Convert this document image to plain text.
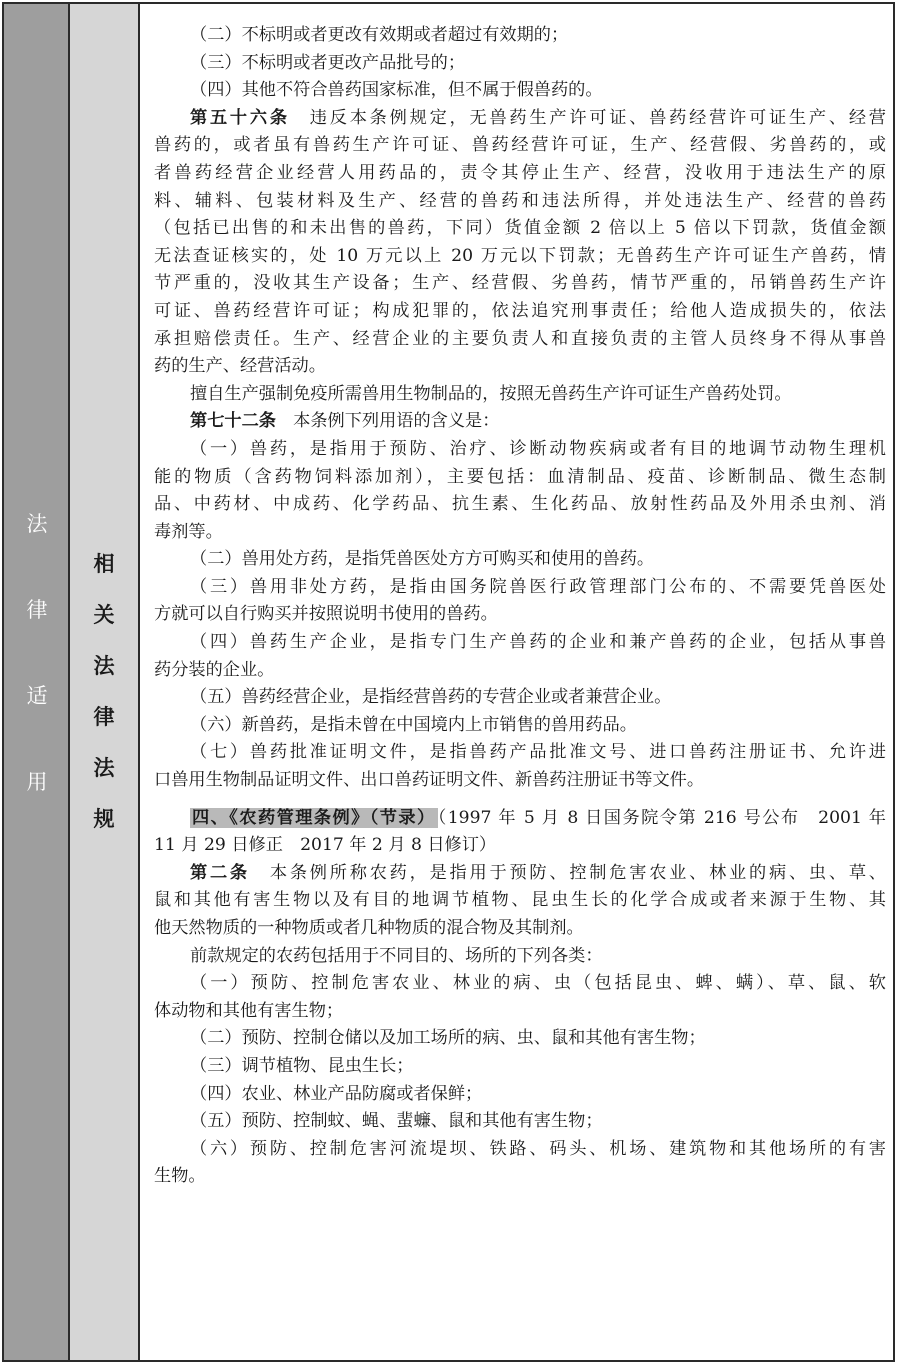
法
律
适
用
相
关
法
律
法
规
（二）不标明或者更改有效期或者超过有效期的；
（三）不标明或者更改产品批号的；
（四）其他不符合兽药国家标准，但不属于假兽药的。
第五十六条　违反本条例规定，无兽药生产许可证、兽药经营许可证生产、经营
兽药的，或者虽有兽药生产许可证、兽药经营许可证，生产、经营假、劣兽药的，或
者兽药经营企业经营人用药品的，责令其停止生产、经营，没收用于违法生产的原
料、辅料、包装材料及生产、经营的兽药和违法所得，并处违法生产、经营的兽药
（包括已出售的和未出售的兽药，下同）货值金额 2 倍以上 5 倍以下罚款，货值金额
无法查证核实的，处 10 万元以上 20 万元以下罚款；无兽药生产许可证生产兽药，情
节严重的，没收其生产设备；生产、经营假、劣兽药，情节严重的，吊销兽药生产许
可证、兽药经营许可证；构成犯罪的，依法追究刑事责任；给他人造成损失的，依法
承担赔偿责任。生产、经营企业的主要负责人和直接负责的主管人员终身不得从事兽
药的生产、经营活动。
擅自生产强制免疫所需兽用生物制品的，按照无兽药生产许可证生产兽药处罚。
第七十二条　本条例下列用语的含义是：
（一）兽药，是指用于预防、治疗、诊断动物疾病或者有目的地调节动物生理机
能的物质（含药物饲料添加剂），主要包括：血清制品、疫苗、诊断制品、微生态制
品、中药材、中成药、化学药品、抗生素、生化药品、放射性药品及外用杀虫剂、消
毒剂等。
（二）兽用处方药，是指凭兽医处方方可购买和使用的兽药。
（三）兽用非处方药，是指由国务院兽医行政管理部门公布的、不需要凭兽医处
方就可以自行购买并按照说明书使用的兽药。
（四）兽药生产企业，是指专门生产兽药的企业和兼产兽药的企业，包括从事兽
药分装的企业。
（五）兽药经营企业，是指经营兽药的专营企业或者兼营企业。
（六）新兽药，是指未曾在中国境内上市销售的兽用药品。
（七）兽药批准证明文件，是指兽药产品批准文号、进口兽药注册证书、允许进
口兽用生物制品证明文件、出口兽药证明文件、新兽药注册证书等文件。
四、《农药管理条例》（节录） （1997 年 5 月 8 日国务院令第 216 号公布　2001 年
11 月 29 日修正　2017 年 2 月 8 日修订）
第二条　本条例所称农药，是指用于预防、控制危害农业、林业的病、虫、草、
鼠和其他有害生物以及有目的地调节植物、昆虫生长的化学合成或者来源于生物、其
他天然物质的一种物质或者几种物质的混合物及其制剂。
前款规定的农药包括用于不同目的、场所的下列各类：
（一）预防、控制危害农业、林业的病、虫（包括昆虫、蜱、螨）、草、鼠、软
体动物和其他有害生物；
（二）预防、控制仓储以及加工场所的病、虫、鼠和其他有害生物；
（三）调节植物、昆虫生长；
（四）农业、林业产品防腐或者保鲜；
（五）预防、控制蚊、蝇、蜚蠊、鼠和其他有害生物；
（六）预防、控制危害河流堤坝、铁路、码头、机场、建筑物和其他场所的有害
生物。
